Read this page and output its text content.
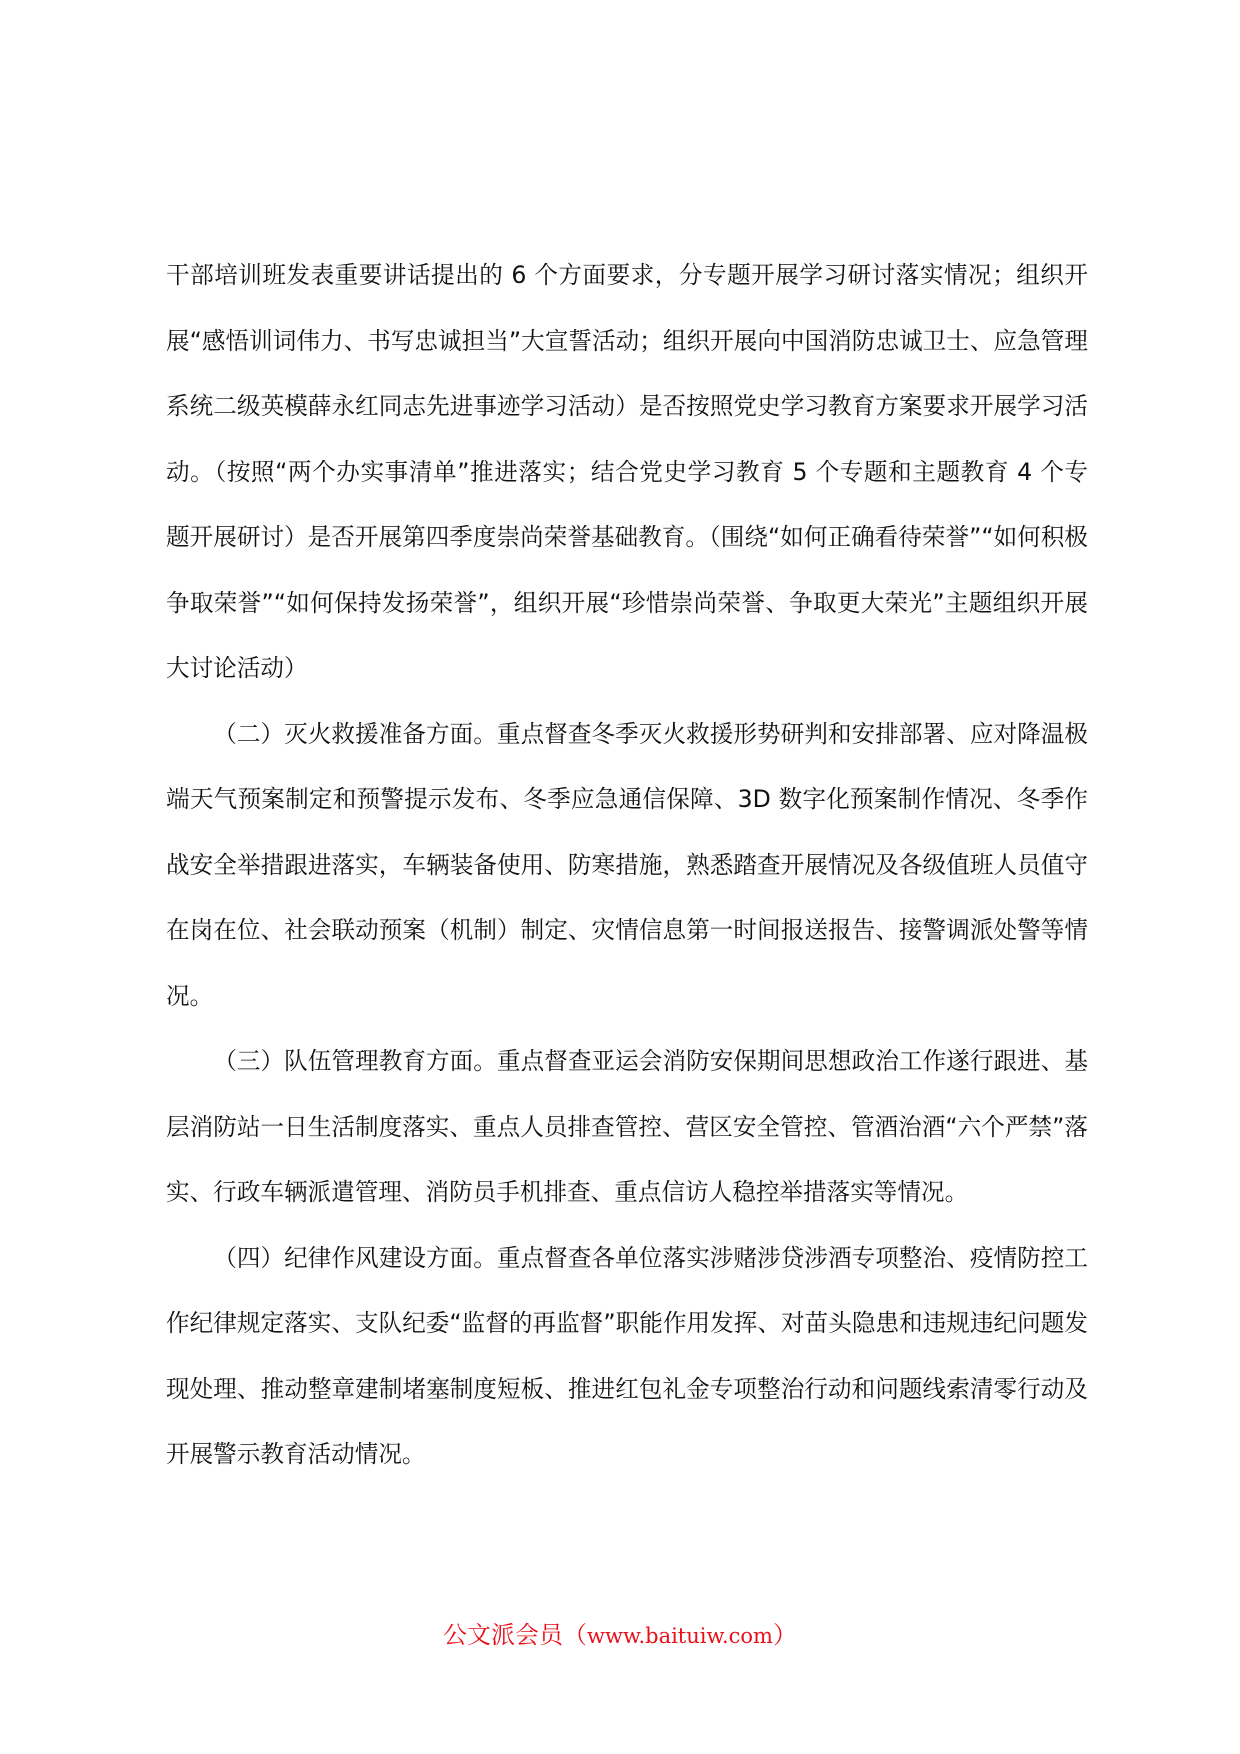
干部培训班发表重要讲话提出的 6 个方面要求，分专题开展学习研讨落实情况；组织开展“感悟训词伟力、书写忠诚担当”大宣誓活动；组织开展向中国消防忠诚卫士、应急管理系统二级英模薛永红同志先进事迹学习活动）是否按照党史学习教育方案要求开展学习活动。（按照“两个办实事清单”推进落实；结合党史学习教育 5 个专题和主题教育 4 个专题开展研讨）是否开展第四季度崇尚荣誉基础教育。（围绕“如何正确看待荣誉”“如何积极争取荣誉”“如何保持发扬荣誉”，组织开展“珍惜崇尚荣誉、争取更大荣光”主题组织开展大讨论活动）

（二）灭火救援准备方面。重点督查冬季灭火救援形势研判和安排部署、应对降温极端天气预案制定和预警提示发布、冬季应急通信保障、3D 数字化预案制作情况、冬季作战安全举措跟进落实，车辆装备使用、防寒措施，熟悉踏查开展情况及各级值班人员值守在岗在位、社会联动预案（机制）制定、灾情信息第一时间报送报告、接警调派处警等情况。

（三）队伍管理教育方面。重点督查亚运会消防安保期间思想政治工作遂行跟进、基层消防站一日生活制度落实、重点人员排查管控、营区安全管控、管酒治酒“六个严禁”落实、行政车辆派遣管理、消防员手机排查、重点信访人稳控举措落实等情况。

（四）纪律作风建设方面。重点督查各单位落实涉赌涉贷涉酒专项整治、疫情防控工作纪律规定落实、支队纪委“监督的再监督”职能作用发挥、对苗头隐患和违规违纪问题发现处理、推动整章建制堵塞制度短板、推进红包礼金专项整治行动和问题线索清零行动及开展警示教育活动情况。

公文派会员（www.baituiw.com）
